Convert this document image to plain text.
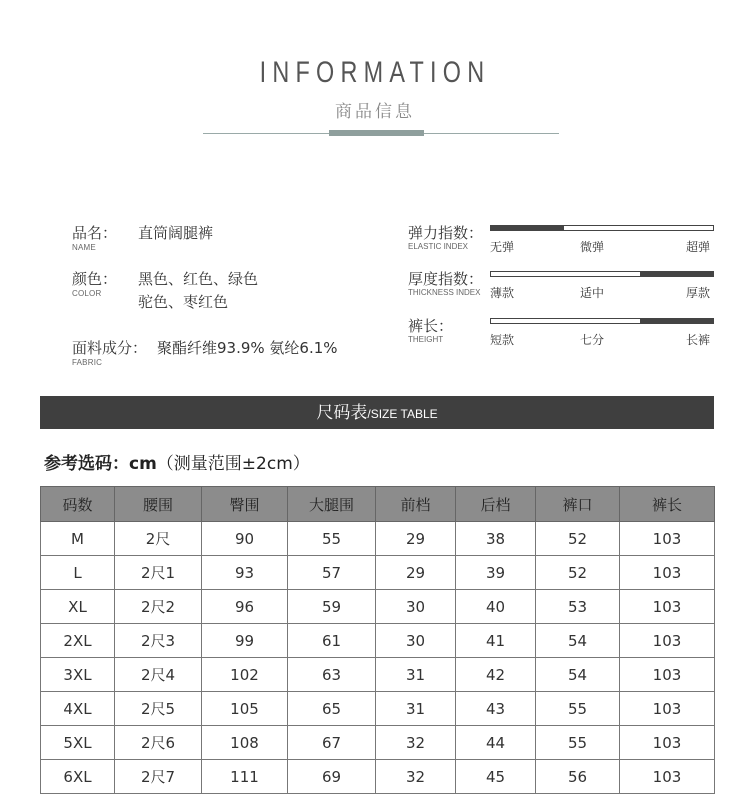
INFORMATION
商品信息
品名：
NAME
直筒阔腿裤
颜色：
COLOR
黑色、红色、绿色
驼色、枣红色
面料成分：
FABRIC
聚酯纤维93.9% 氨纶6.1%
弹力指数：
ELASTIC INDEX 无弹	微弹	超弹
厚度指数：
THICKNESS INDEX 薄款	适中	厚款
裤长：
THEIGHT	短款	七分	长裤
尺码表/SIZE TABLE
参考选码：cm（测量范围±2cm）
码数	腰围	臀围	大腿围	前档	后档	裤口	裤长
M	2尺	90	55	29	38	52	103
L	2尺1	93	57	29	39	52	103
XL	2尺2	96	59	30	40	53	103
2XL	2尺3	99	61	30	41	54	103
3XL	2尺4	102	63	31	42	54	103
4XL	2尺5	105	65	31	43	55	103
5XL	2尺6	108	67	32	44	55	103
6XL	2尺7	111	69	32	45	56	103
